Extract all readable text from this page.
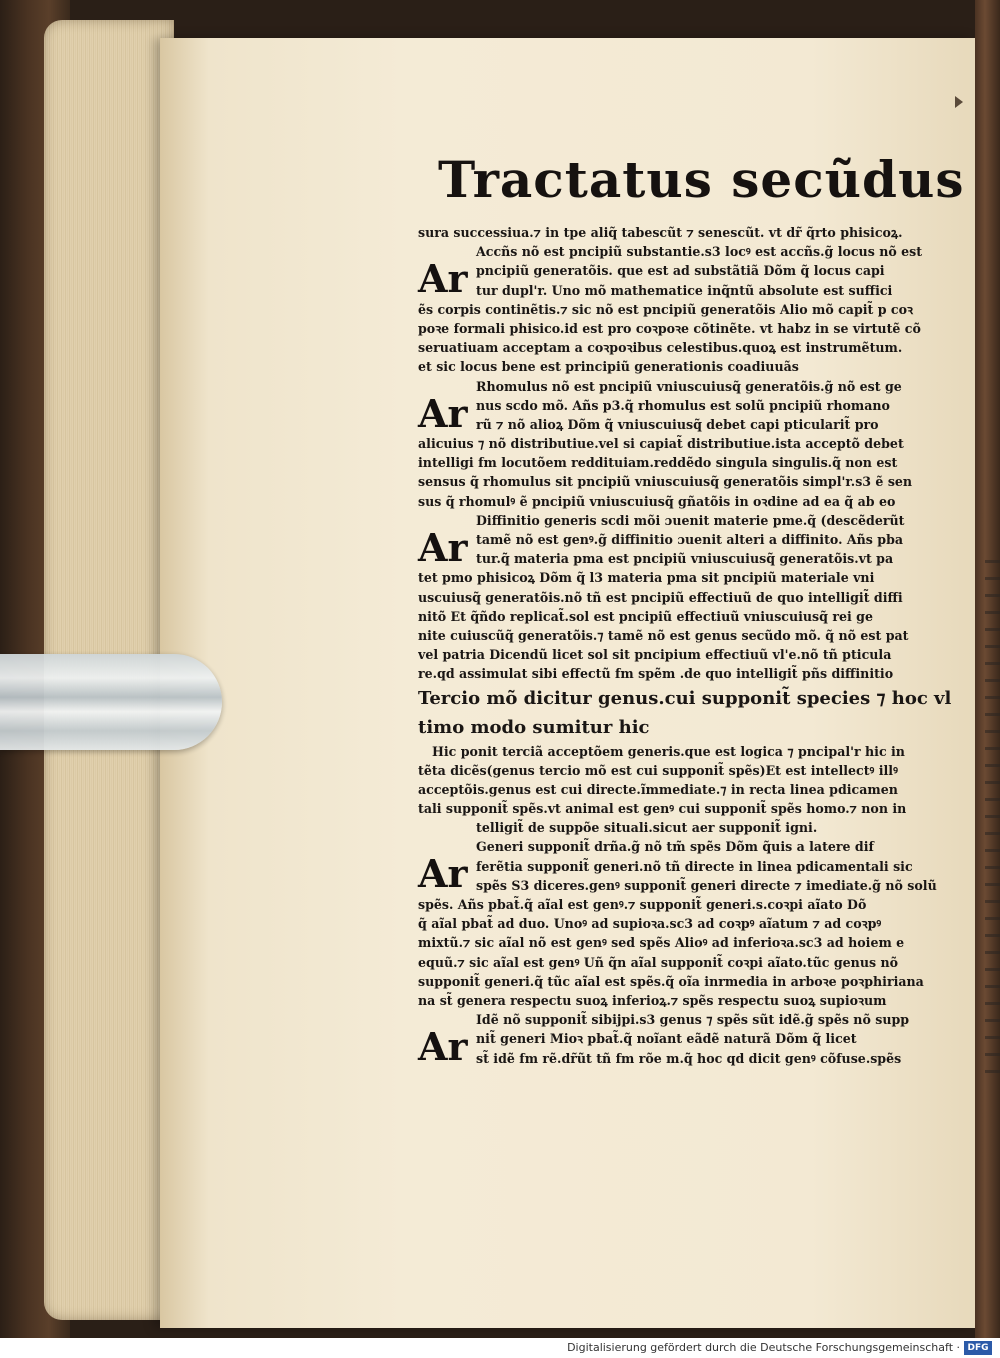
Tractatus secũdus
sura successiua.⁊ in tpe aliq̃ tabescũt ⁊ senescũt. vt dr̃ q̃rto phisicoꝝ.
Accñs nõ est pncipiũ substantie.s3 locꝰ est accñs.g̃ locus nõ est
Ar pncipiũ generatõis. que est ad substãtiã Dõm q̃ locus capi
tur dupl'r. Uno mõ mathematice inq̃ntũ absolute est suffici
ẽs corpis continẽtis.⁊ sic nõ est pncipiũ generatõis Alio mõ capit̃ p coꝛ
poꝛe formali phisico.id est pro coꝛpoꝛe cõtinẽte. vt habz in se virtutẽ cõ
seruatiuam acceptam a coꝛpoꝛibus celestibus.quoꝝ est instrumẽtum.
et sic locus bene est principiũ generationis coadiuuãs
Rhomulus nõ est pncipiũ vniuscuiusq̃ generatõis.g̃ nõ est ge
Ar nus scdo mõ. Añs p3.q̃ rhomulus est solũ pncipiũ rhomano
rũ ⁊ nõ alioꝝ Dõm q̃ vniuscuiusq̃ debet capi pticularit̃ pro
alicuius ⁊ nõ distributiue.vel si capiat̃ distributiue.ista acceptõ debet
intelligi fm locutõem reddituiam.reddẽdo singula singulis.q̃ non est
sensus q̃ rhomulus sit pncipiũ vniuscuiusq̃ generatõis simpl'r.s3 ẽ sen
sus q̃ rhomulꝰ ẽ pncipiũ vniuscuiusq̃ gñatõis in oꝛdine ad ea q̃ ab eo
Diffinitio generis scdi mõi ɔuenit materie pme.q̃ (descẽderũt
Ar tamẽ nõ est genꝰ.g̃ diffinitio ɔuenit alteri a diffinito. Añs pba
tur.q̃ materia pma est pncipiũ vniuscuiusq̃ generatõis.vt pa
tet pmo phisicoꝝ Dõm q̃ l3 materia pma sit pncipiũ materiale vni
uscuiusq̃ generatõis.nõ tñ est pncipiũ effectiuũ de quo intelligit̃ diffi
nitõ Et q̃ñdo replicat̃.sol est pncipiũ effectiuũ vniuscuiusq̃ rei ge
nite cuiuscũq̃ generatõis.⁊ tamẽ nõ est genus secũdo mõ. q̃ nõ est pat
vel patria Dicendũ licet sol sit pncipium effectiuũ vl'e.nõ tñ pticula
re.qd assimulat sibi effectũ fm spẽm .de quo intelligit̃ pñs diffinitio
Tercio mõ dicitur genus.cui supponit̃ species ⁊ hoc vl
timo modo sumitur hic
Hic ponit terciã acceptõem generis.que est logica ⁊ pncipal'r hic in
tẽta dicẽs(genus tercio mõ est cui supponit̃ spẽs)Et est intellectꝰ illꝰ
acceptõis.genus est cui directe.ĩmmediate.⁊ in recta linea pdicamen
tali supponit̃ spẽs.vt animal est genꝰ cui supponit̃ spẽs homo.⁊ non in
telligit̃ de suppõe situali.sicut aer supponit̃ igni.
Generi supponit̃ drña.g̃ nõ tm̃ spẽs Dõm q̃uis a latere dif
Ar ferẽtia supponit̃ generi.nõ tñ directe in linea pdicamentali sic
spẽs S3 diceres.genꝰ supponit̃ generi directe ⁊ imediate.g̃ nõ solũ
spẽs. Añs pbat̃.q̃ aĩal est genꝰ.⁊ supponit̃ generi.s.coꝛpi aĩato Dõ
q̃ aĩal pbat̃ ad duo. Unoꝰ ad supioꝛa.sc3 ad coꝛpꝰ aĩatum ⁊ ad coꝛpꝰ
mixtũ.⁊ sic aĩal nõ est genꝰ sed spẽs Alioꝰ ad inferioꝛa.sc3 ad hoiem e
equũ.⁊ sic aĩal est genꝰ Uñ q̃n aĩal supponit̃ coꝛpi aĩato.tũc genus nõ
supponit̃ generi.q̃ tũc aĩal est spẽs.q̃ oĩa inrmedia in arboꝛe poꝛphiriana
na st̃ genera respectu suoꝝ inferioꝝ.⁊ spẽs respectu suoꝝ supioꝛum
Idẽ nõ supponit̃ sibijpi.s3 genus ⁊ spẽs sũt idẽ.g̃ spẽs nõ supp
Ar nit̃ generi Mioꝛ pbat̃.q̃ noĩant eãdẽ naturã Dõm q̃ licet
st̃ idẽ fm rẽ.dr̃ũt tñ fm rõe m.q̃ hoc qd dicit genꝰ cõfuse.spẽs
Digitalisierung gefördert durch die Deutsche Forschungsgemeinschaft · DFG
